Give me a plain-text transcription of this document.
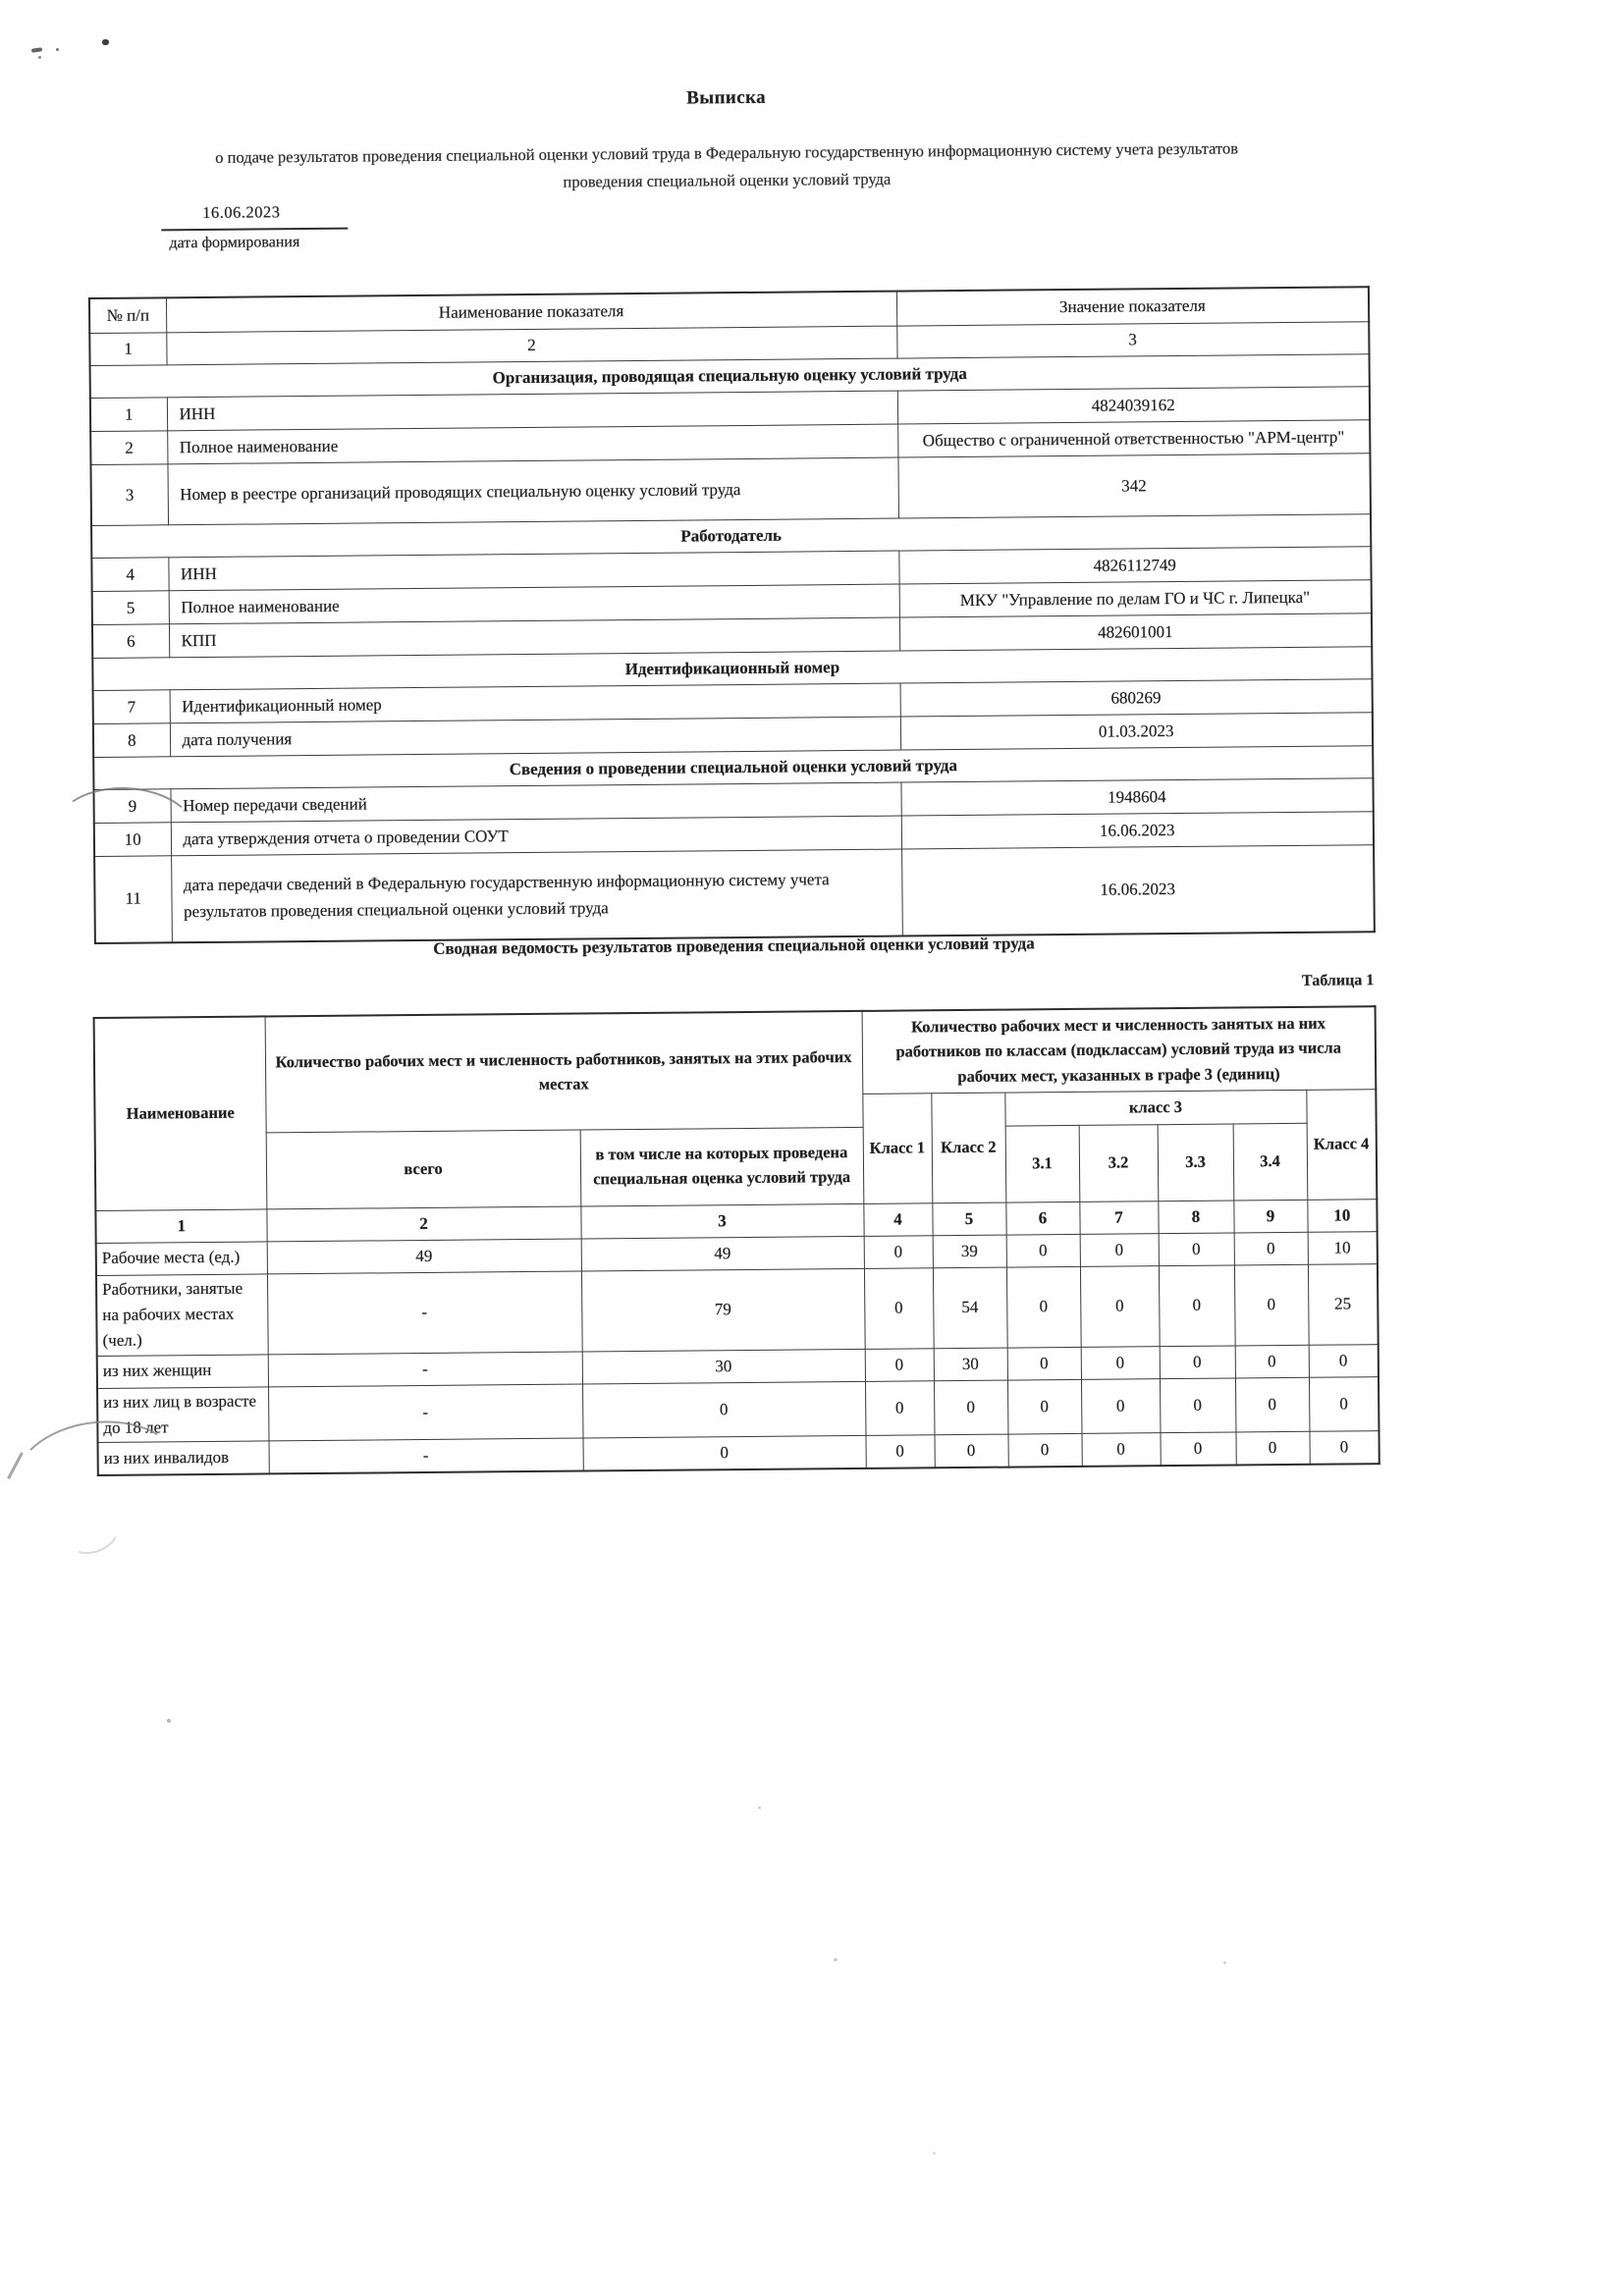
Выписка
о подаче результатов проведения специальной оценки условий труда в Федеральную государственную информационную систему учета результатов
проведения специальной оценки условий труда
16.06.2023
дата формирования
№ п/п	Наименование показателя	Значение показателя
1	2	3
Организация, проводящая специальную оценку условий труда		
1	ИНН	4824039162
2	Полное наименование	Общество с ограниченной ответственностью "АРМ-центр"
3	Номер в реестре организаций проводящих специальную оценку условий труда	342
Работодатель		
4	ИНН	4826112749
5	Полное наименование	МКУ "Управление по делам ГО и ЧС г. Липецка"
6	КПП	482601001
Идентификационный номер		
7	Идентификационный номер	680269
8	дата получения	01.03.2023
Сведения о проведении специальной оценки условий труда		
9	Номер передачи сведений	1948604
10	дата утверждения отчета о проведении СОУТ	16.06.2023
11	дата передачи сведений в Федеральную государственную информационную систему учета результатов проведения специальной оценки условий труда	16.06.2023
Сводная ведомость результатов проведения специальной оценки условий труда
Таблица 1
Наименование	Количество рабочих мест и численность работников, занятых на этих рабочих местах		Количество рабочих мест и численность занятых на них работников по классам (подклассам) условий труда из числа рабочих мест, указанных в графе 3 (единиц)						
			Класс 1	Класс 2	класс 3				Класс 4
	всего	в том числе на которых проведена специальная оценка условий труда			3.1	3.2	3.3	3.4	
1	2	3	4	5	6	7	8	9	10
Рабочие места (ед.)	49	49	0	39	0	0	0	0	10
Работники, занятые на рабочих местах (чел.)	-	79	0	54	0	0	0	0	25
из них женщин	-	30	0	30	0	0	0	0	0
из них лиц в возрасте до 18 лет	-	0	0	0	0	0	0	0	0
из них инвалидов	-	0	0	0	0	0	0	0	0
